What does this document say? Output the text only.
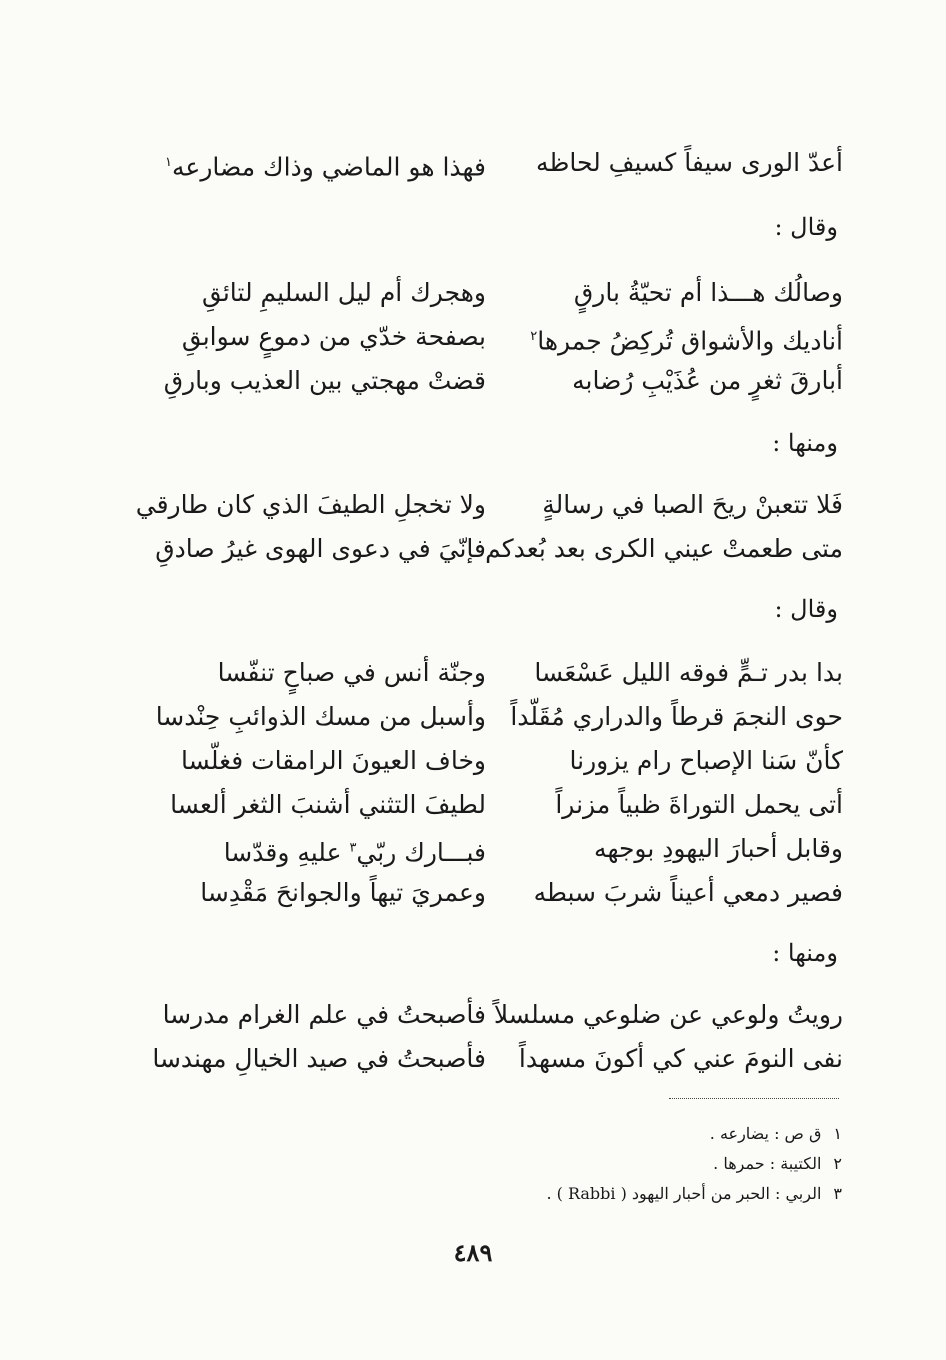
أعدّ الورى سيفاً كسيفِ لحاظه
فهذا هو الماضي وذاك مضارعه$^١$
وقال :
وصالُك هـــذا أم تحيّةُ بارقٍ
وهجرك أم ليل السليمِ لتائقِ
أناديك والأشواق تُركِضُ جمرها$^٢$
بصفحة خدّي من دموعٍ سوابقِ
أبارقَ ثغرٍ من عُذَيْبِ رُضابه
قضتْ مهجتي بين العذيب وبارقِ
ومنها :
فَلا تتعبنْ ريحَ الصبا في رسالةٍ
ولا تخجلِ الطيفَ الذي كان طارقي
متى طعمتْ عيني الكرى بعد بُعدكم
فإنّيَ في دعوى الهوى غيرُ صادقِ
وقال :
بدا بدر تـمٍّ فوقه الليل عَسْعَسا
وجنّة أنس في صباحٍ تنفّسا
حوى النجمَ قرطاً والدراري مُقَلّداً
وأسبل من مسك الذوائبِ حِنْدسا
كأنّ سَنا الإصباح رام يزورنا
وخاف العيونَ الرامقات فغلّسا
أتى يحمل التوراةَ ظبياً مزنراً
لطيفَ التثني أشنبَ الثغر ألعسا
وقابل أحبارَ اليهودِ بوجهه
فبـــارك ربّي$^٣$ عليهِ وقدّسا
فصير دمعي أعيناً شربَ سبطه
وعمريَ تيهاً والجوانحَ مَقْدِسا
ومنها :
رويتُ ولوعي عن ضلوعي مسلسلاً
فأصبحتُ في علم الغرام مدرسا
نفى النومَ عني كي أكونَ مسهداً
فأصبحتُ في صيد الخيالِ مهندسا
١ق ص : يضارعه .
٢الكتيبة : حمرها .
٣الربي : الحبر من أحبار اليهود ( Rabbi ) .
٤٨٩
